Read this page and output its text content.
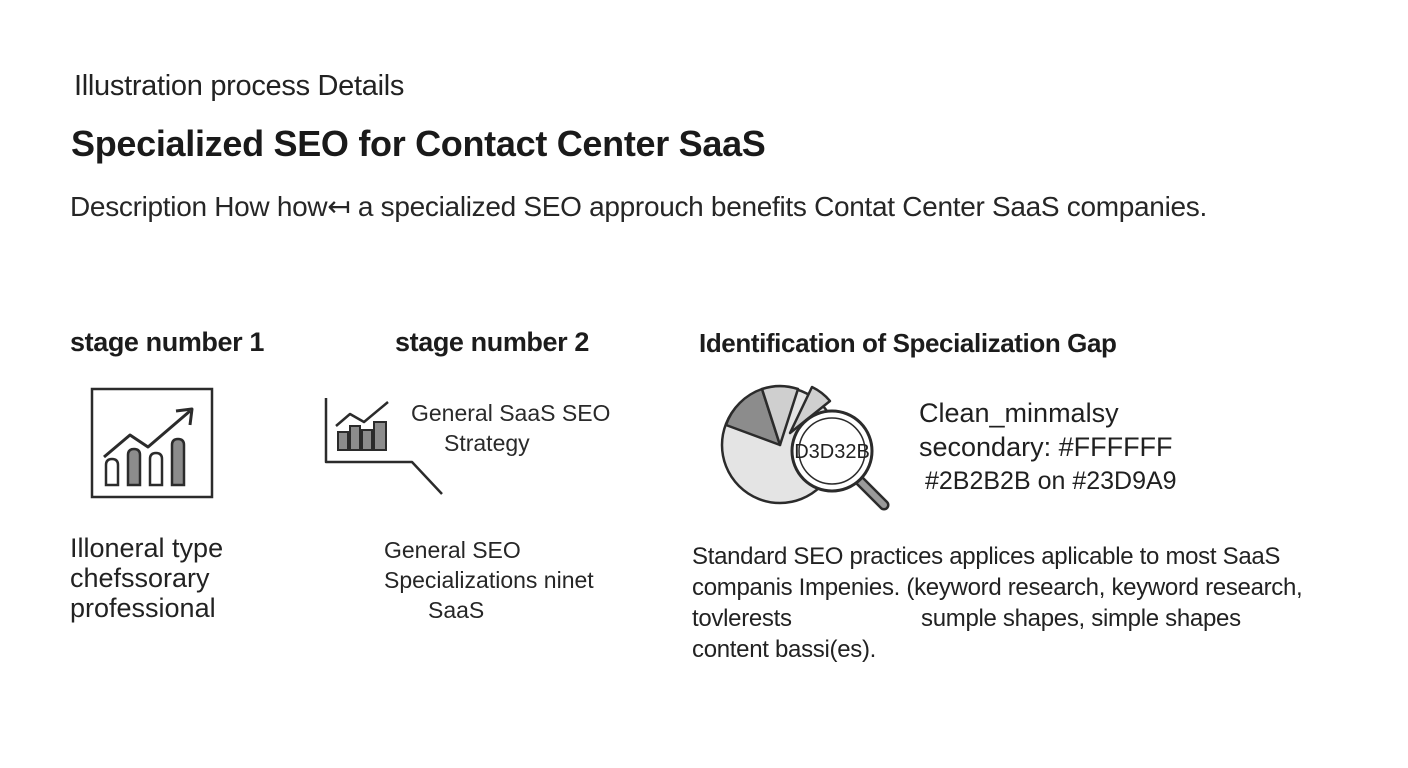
Illustration process Details
Specialized SEO for Contact Center SaaS
Description How how↤ a specialized SEO approuch benefits Contat Center SaaS companies.
stage number 1
Illoneral type
chefssorary
professional
stage number 2
General SaaS SEO
Strategy
General SEO
Specializations ninet
SaaS
Identification of Specialization Gap
D3D32B
Clean_minmalsy
secondary: #FFFFFF
#2B2B2B on #23D9A9
Standard SEO practices applices aplicable to most SaaS
companis Impenies. (keyword research, keyword research,
tovlerests	sumple shapes, simple shapes
content bassi(es).
